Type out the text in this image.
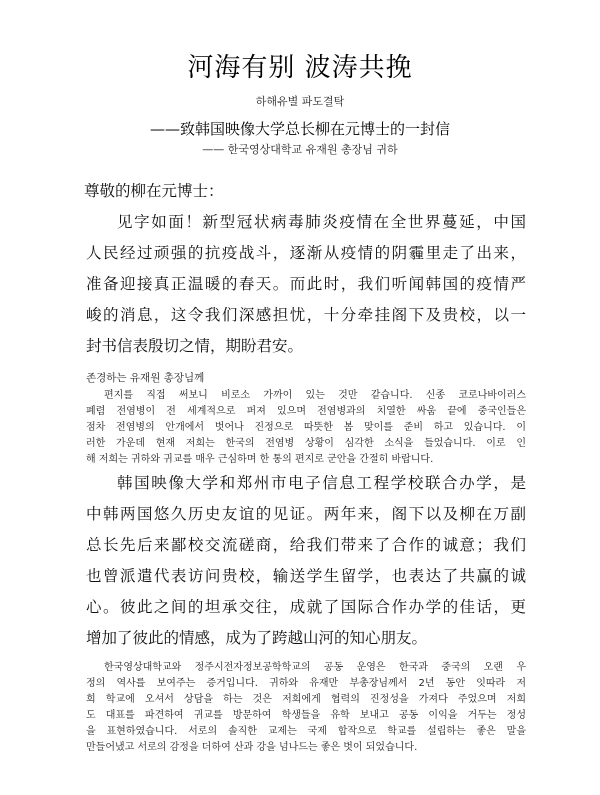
河海有别 波涛共挽
하해유별 파도결탁
——致韩国映像大学总长柳在元博士的一封信
—— 한국영상대학교 유재원 총장님 귀하

尊敬的柳在元博士：

见字如面！新型冠状病毒肺炎疫情在全世界蔓延，中国
人民经过顽强的抗疫战斗，逐渐从疫情的阴霾里走了出来，
准备迎接真正温暖的春天。而此时，我们听闻韩国的疫情严
峻的消息，这令我们深感担忧，十分牵挂阁下及贵校，以一
封书信表殷切之情，期盼君安。

존경하는 유재원 총장님께

편지를 직접 써보니 비로소 가까이 있는 것만 같습니다. 신종 코로나바이러스
폐렴 전염병이 전 세계적으로 퍼져 있으며 전염병과의 치열한 싸움 끝에 중국인들은
점차 전염병의 안개에서 벗어나 진정으로 따뜻한 봄 맞이를 준비 하고 있습니다. 이
러한 가운데 현재 저희는 한국의 전염병 상황이 심각한 소식을 들었습니다. 이로 인
해 저희는 귀하와 귀교를 매우 근심하며 한 통의 편지로 군안을 간절히 바랍니다.

韩国映像大学和郑州市电子信息工程学校联合办学，是
中韩两国悠久历史友谊的见证。两年来，阁下以及柳在万副
总长先后来鄙校交流磋商，给我们带来了合作的诚意；我们
也曾派遣代表访问贵校，输送学生留学，也表达了共赢的诚
心。彼此之间的坦承交往，成就了国际合作办学的佳话，更
增加了彼此的情感，成为了跨越山河的知心朋友。

한국영상대학교와 정주시전자정보공학학교의 공동 운영은 한국과 중국의 오랜 우
정의 역사를 보여주는 증거입니다. 귀하와 유재만 부총장님께서 2년 동안 잇따라 저
희 학교에 오셔서 상담을 하는 것은 저희에게 협력의 진정성을 가져다 주었으며 저희
도 대표를 파견하여 귀교를 방문하여 학생들을 유학 보내고 공동 이익을 거두는 정성
을 표현하였습니다. 서로의 솔직한 교제는 국제 합작으로 학교를 설립하는 좋은 말을
만들어냈고 서로의 감정을 더하여 산과 강을 넘나드는 좋은 벗이 되었습니다.
